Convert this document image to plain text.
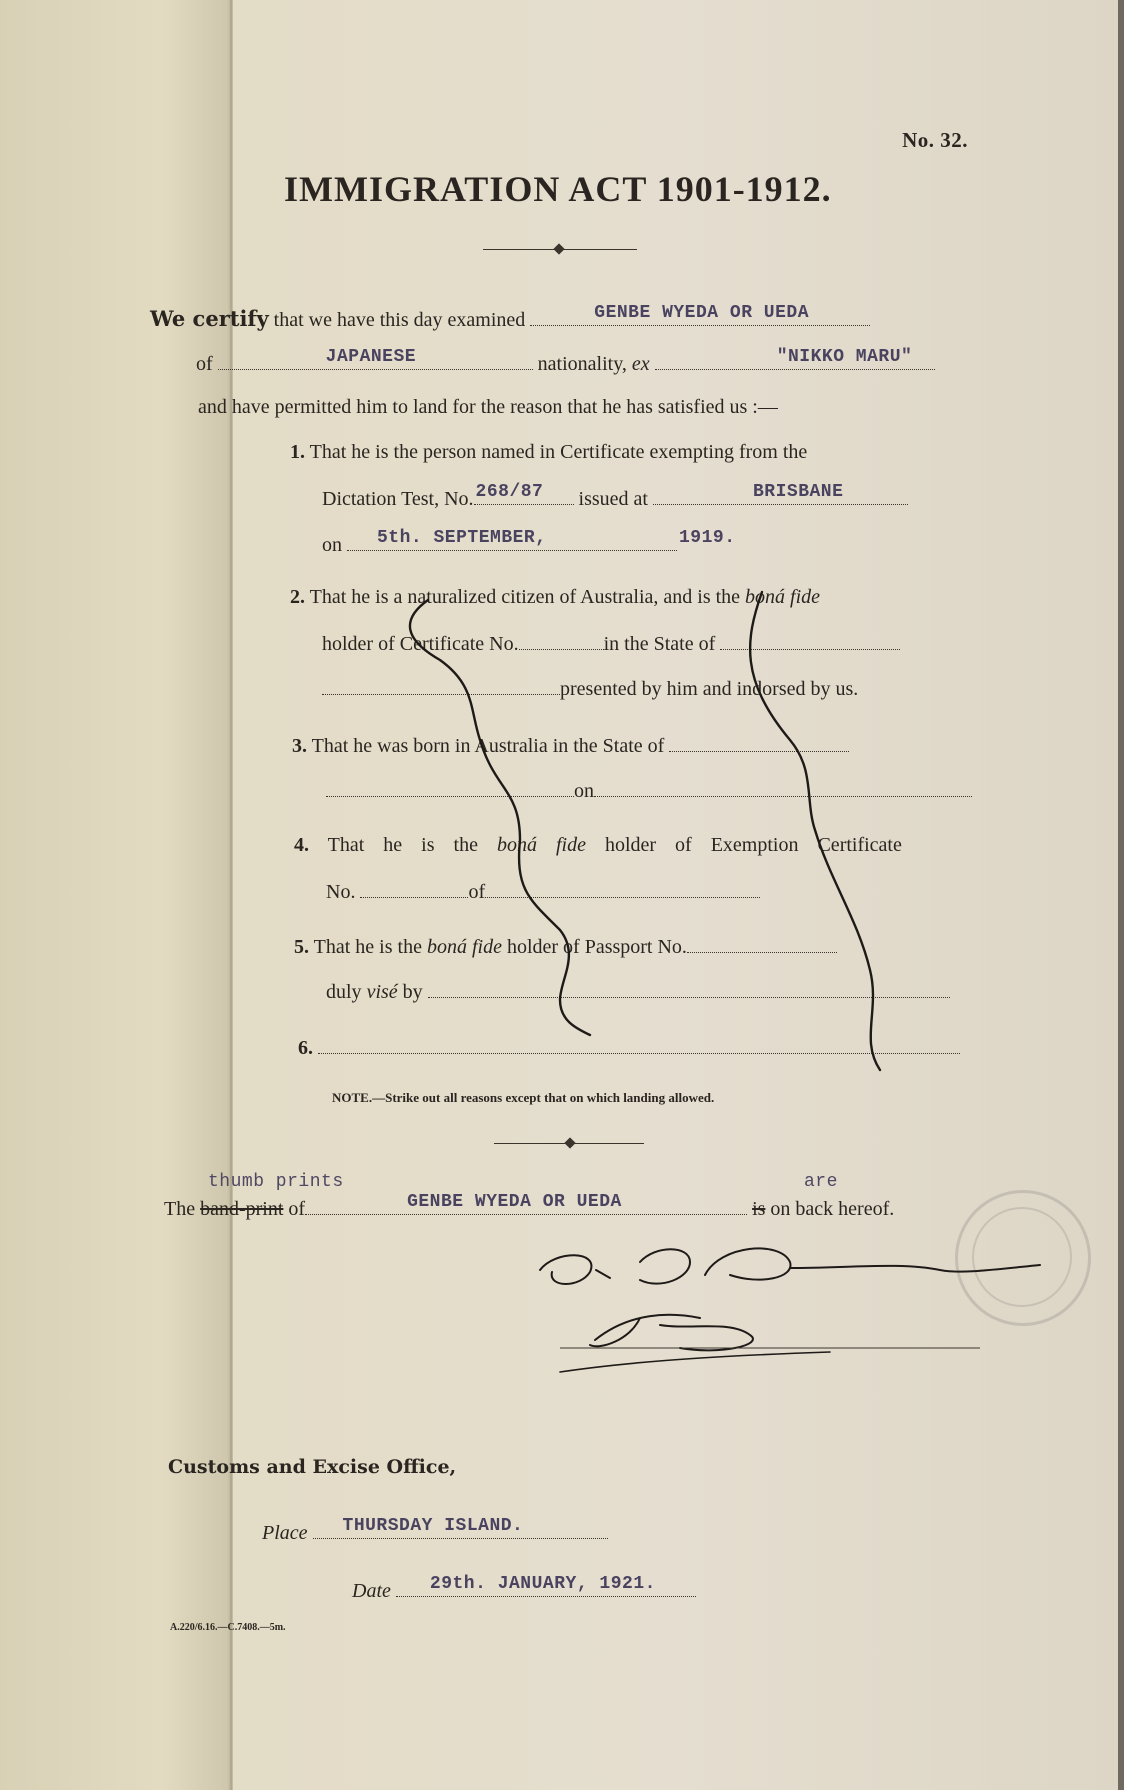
No. 32.
IMMIGRATION ACT 1901-1912.
We certify that we have this day examined	GENBE WYEDA OR UEDA
of	JAPANESE	nationality, ex	"NIKKO MARU"
and have permitted him to land for the reason that he has satisfied us :—
1. That he is the person named in Certificate exempting from the
Dictation Test, No. 268/87 issued at	BRISBANE
on 5th. SEPTEMBER,	1919.
2. That he is a naturalized citizen of Australia, and is the boná fide
holder of Certificate No.	in the State of
presented by him and indorsed by us.
3. That he was born in Australia in the State of
on
4. That he is the boná fide holder of Exemption Certificate
No.	of
5. That he is the boná fide holder of Passport No.
duly visé by
6.
NOTE.—Strike out all reasons except that on which landing allowed.
thumb prints	are
The band-print of	GENBE WYEDA OR UEDA	is on back hereof.
Customs and Excise Office,
Place THURSDAY ISLAND.
Date 29th. JANUARY, 1921.
A.220/6.16.—C.7408.—5m.
